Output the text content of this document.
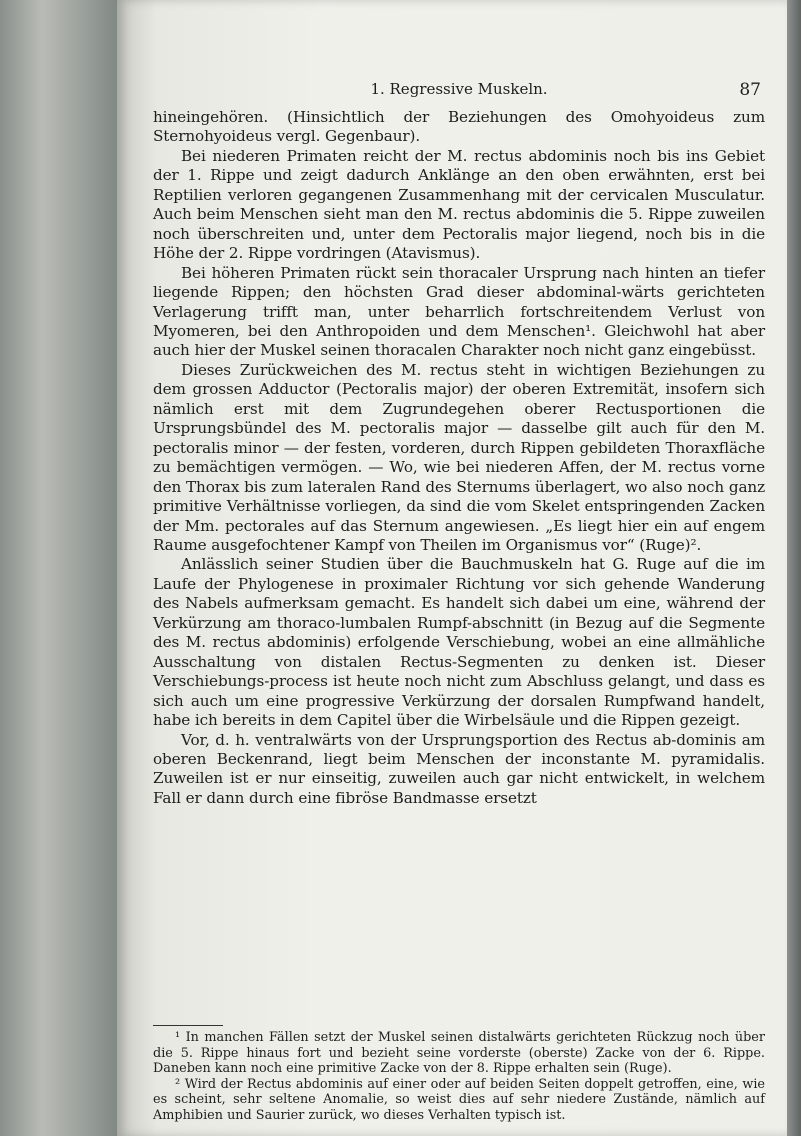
1. Regressive Muskeln.	87

hineingehören. (Hinsichtlich der Beziehungen des Omohyoideus zum Sternohyoideus vergl. Gegenbaur).

Bei niederen Primaten reicht der M. rectus abdominis noch bis ins Gebiet der 1. Rippe und zeigt dadurch Anklänge an den oben erwähnten, erst bei Reptilien verloren gegangenen Zusammenhang mit der cervicalen Musculatur. Auch beim Menschen sieht man den M. rectus abdominis die 5. Rippe zuweilen noch überschreiten und, unter dem Pectoralis major liegend, noch bis in die Höhe der 2. Rippe vordringen (Atavismus).

Bei höheren Primaten rückt sein thoracaler Ursprung nach hinten an tiefer liegende Rippen; den höchsten Grad dieser abdominal-wärts gerichteten Verlagerung trifft man, unter beharrlich fortschreitendem Verlust von Myomeren, bei den Anthropoiden und dem Menschen¹. Gleichwohl hat aber auch hier der Muskel seinen thoracalen Charakter noch nicht ganz eingebüsst.

Dieses Zurückweichen des M. rectus steht in wichtigen Beziehungen zu dem grossen Adductor (Pectoralis major) der oberen Extremität, insofern sich nämlich erst mit dem Zugrundegehen oberer Rectusportionen die Ursprungsbündel des M. pectoralis major — dasselbe gilt auch für den M. pectoralis minor — der festen, vorderen, durch Rippen gebildeten Thoraxfläche zu bemächtigen vermögen. — Wo, wie bei niederen Affen, der M. rectus vorne den Thorax bis zum lateralen Rand des Sternums überlagert, wo also noch ganz primitive Verhältnisse vorliegen, da sind die vom Skelet entspringenden Zacken der Mm. pectorales auf das Sternum angewiesen. „Es liegt hier ein auf engem Raume ausgefochtener Kampf von Theilen im Organismus vor“ (Ruge)².

Anlässlich seiner Studien über die Bauchmuskeln hat G. Ruge auf die im Laufe der Phylogenese in proximaler Richtung vor sich gehende Wanderung des Nabels aufmerksam gemacht. Es handelt sich dabei um eine, während der Verkürzung am thoraco-lumbalen Rumpf-abschnitt (in Bezug auf die Segmente des M. rectus abdominis) erfolgende Verschiebung, wobei an eine allmähliche Ausschaltung von distalen Rectus-Segmenten zu denken ist. Dieser Verschiebungs-process ist heute noch nicht zum Abschluss gelangt, und dass es sich auch um eine progressive Verkürzung der dorsalen Rumpfwand handelt, habe ich bereits in dem Capitel über die Wirbelsäule und die Rippen gezeigt.

Vor, d. h. ventralwärts von der Ursprungsportion des Rectus ab-dominis am oberen Beckenrand, liegt beim Menschen der inconstante M. pyramidalis. Zuweilen ist er nur einseitig, zuweilen auch gar nicht entwickelt, in welchem Fall er dann durch eine fibröse Bandmasse ersetzt

¹ In manchen Fällen setzt der Muskel seinen distalwärts gerichteten Rückzug noch über die 5. Rippe hinaus fort und bezieht seine vorderste (oberste) Zacke von der 6. Rippe. Daneben kann noch eine primitive Zacke von der 8. Rippe erhalten sein (Ruge).

² Wird der Rectus abdominis auf einer oder auf beiden Seiten doppelt getroffen, eine, wie es scheint, sehr seltene Anomalie, so weist dies auf sehr niedere Zustände, nämlich auf Amphibien und Saurier zurück, wo dieses Verhalten typisch ist.
